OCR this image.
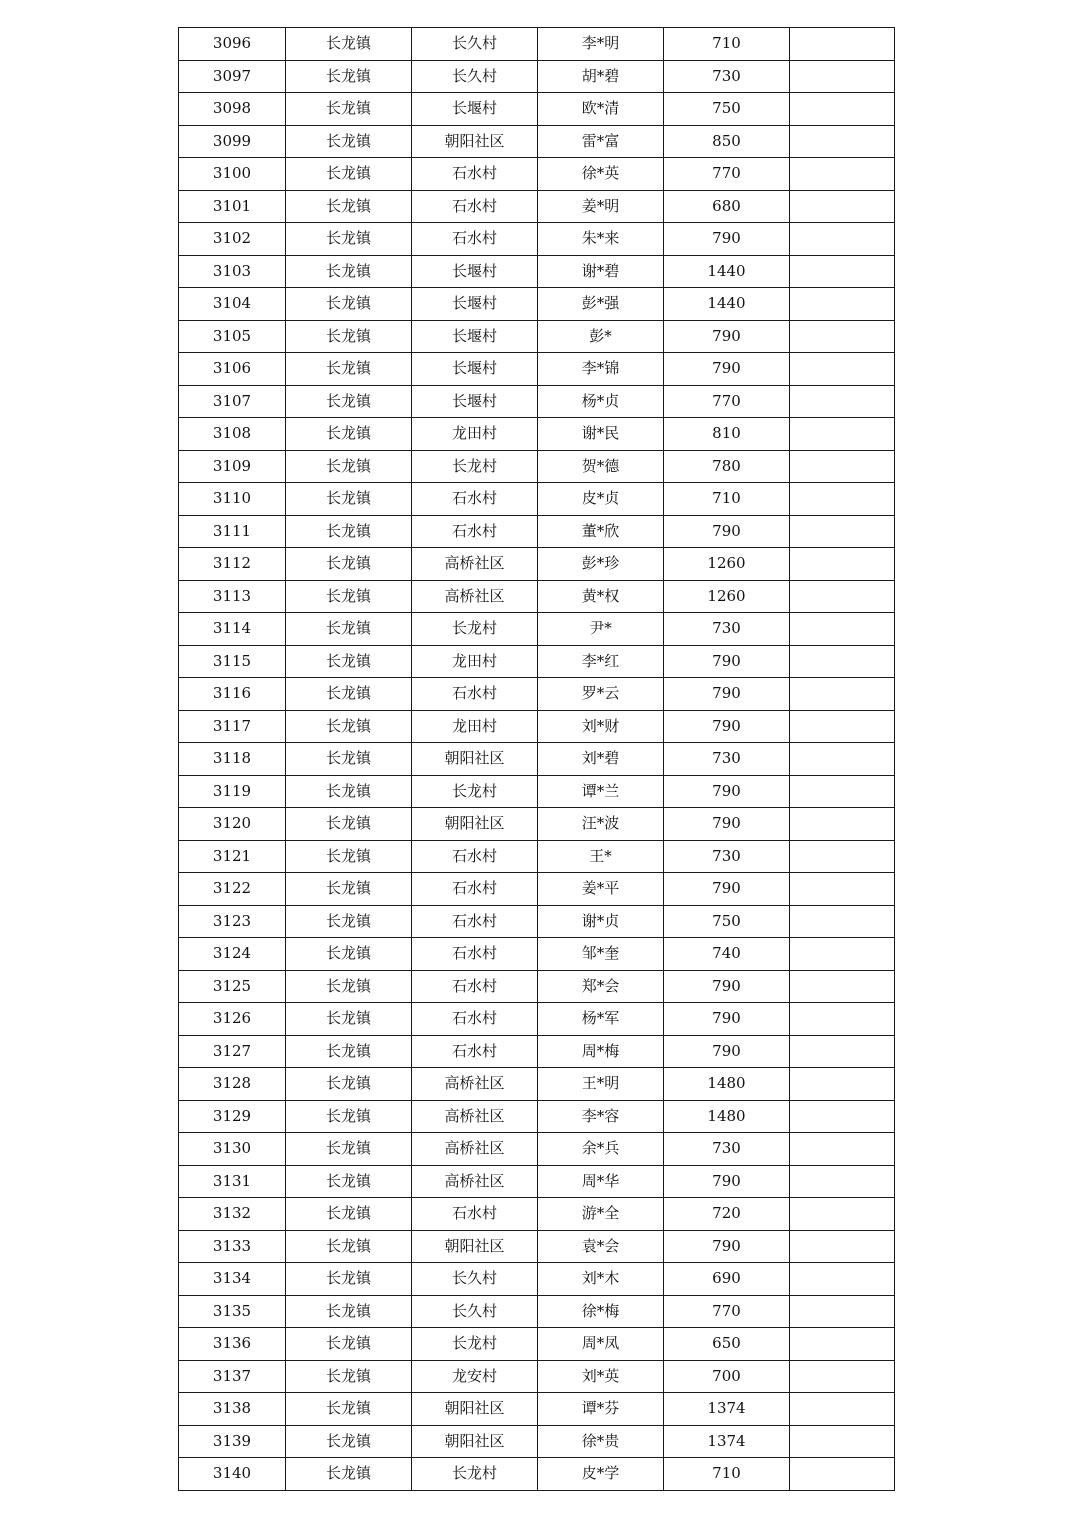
3096	长龙镇	长久村	李*明	710	
3097	长龙镇	长久村	胡*碧	730	
3098	长龙镇	长堰村	欧*清	750	
3099	长龙镇	朝阳社区	雷*富	850	
3100	长龙镇	石水村	徐*英	770	
3101	长龙镇	石水村	姜*明	680	
3102	长龙镇	石水村	朱*来	790	
3103	长龙镇	长堰村	谢*碧	1440	
3104	长龙镇	长堰村	彭*强	1440	
3105	长龙镇	长堰村	彭*	790	
3106	长龙镇	长堰村	李*锦	790	
3107	长龙镇	长堰村	杨*贞	770	
3108	长龙镇	龙田村	谢*民	810	
3109	长龙镇	长龙村	贺*德	780	
3110	长龙镇	石水村	皮*贞	710	
3111	长龙镇	石水村	董*欣	790	
3112	长龙镇	高桥社区	彭*珍	1260	
3113	长龙镇	高桥社区	黄*权	1260	
3114	长龙镇	长龙村	尹*	730	
3115	长龙镇	龙田村	李*红	790	
3116	长龙镇	石水村	罗*云	790	
3117	长龙镇	龙田村	刘*财	790	
3118	长龙镇	朝阳社区	刘*碧	730	
3119	长龙镇	长龙村	谭*兰	790	
3120	长龙镇	朝阳社区	汪*波	790	
3121	长龙镇	石水村	王*	730	
3122	长龙镇	石水村	姜*平	790	
3123	长龙镇	石水村	谢*贞	750	
3124	长龙镇	石水村	邹*奎	740	
3125	长龙镇	石水村	郑*会	790	
3126	长龙镇	石水村	杨*军	790	
3127	长龙镇	石水村	周*梅	790	
3128	长龙镇	高桥社区	王*明	1480	
3129	长龙镇	高桥社区	李*容	1480	
3130	长龙镇	高桥社区	余*兵	730	
3131	长龙镇	高桥社区	周*华	790	
3132	长龙镇	石水村	游*全	720	
3133	长龙镇	朝阳社区	袁*会	790	
3134	长龙镇	长久村	刘*木	690	
3135	长龙镇	长久村	徐*梅	770	
3136	长龙镇	长龙村	周*凤	650	
3137	长龙镇	龙安村	刘*英	700	
3138	长龙镇	朝阳社区	谭*芬	1374	
3139	长龙镇	朝阳社区	徐*贵	1374	
3140	长龙镇	长龙村	皮*学	710	
